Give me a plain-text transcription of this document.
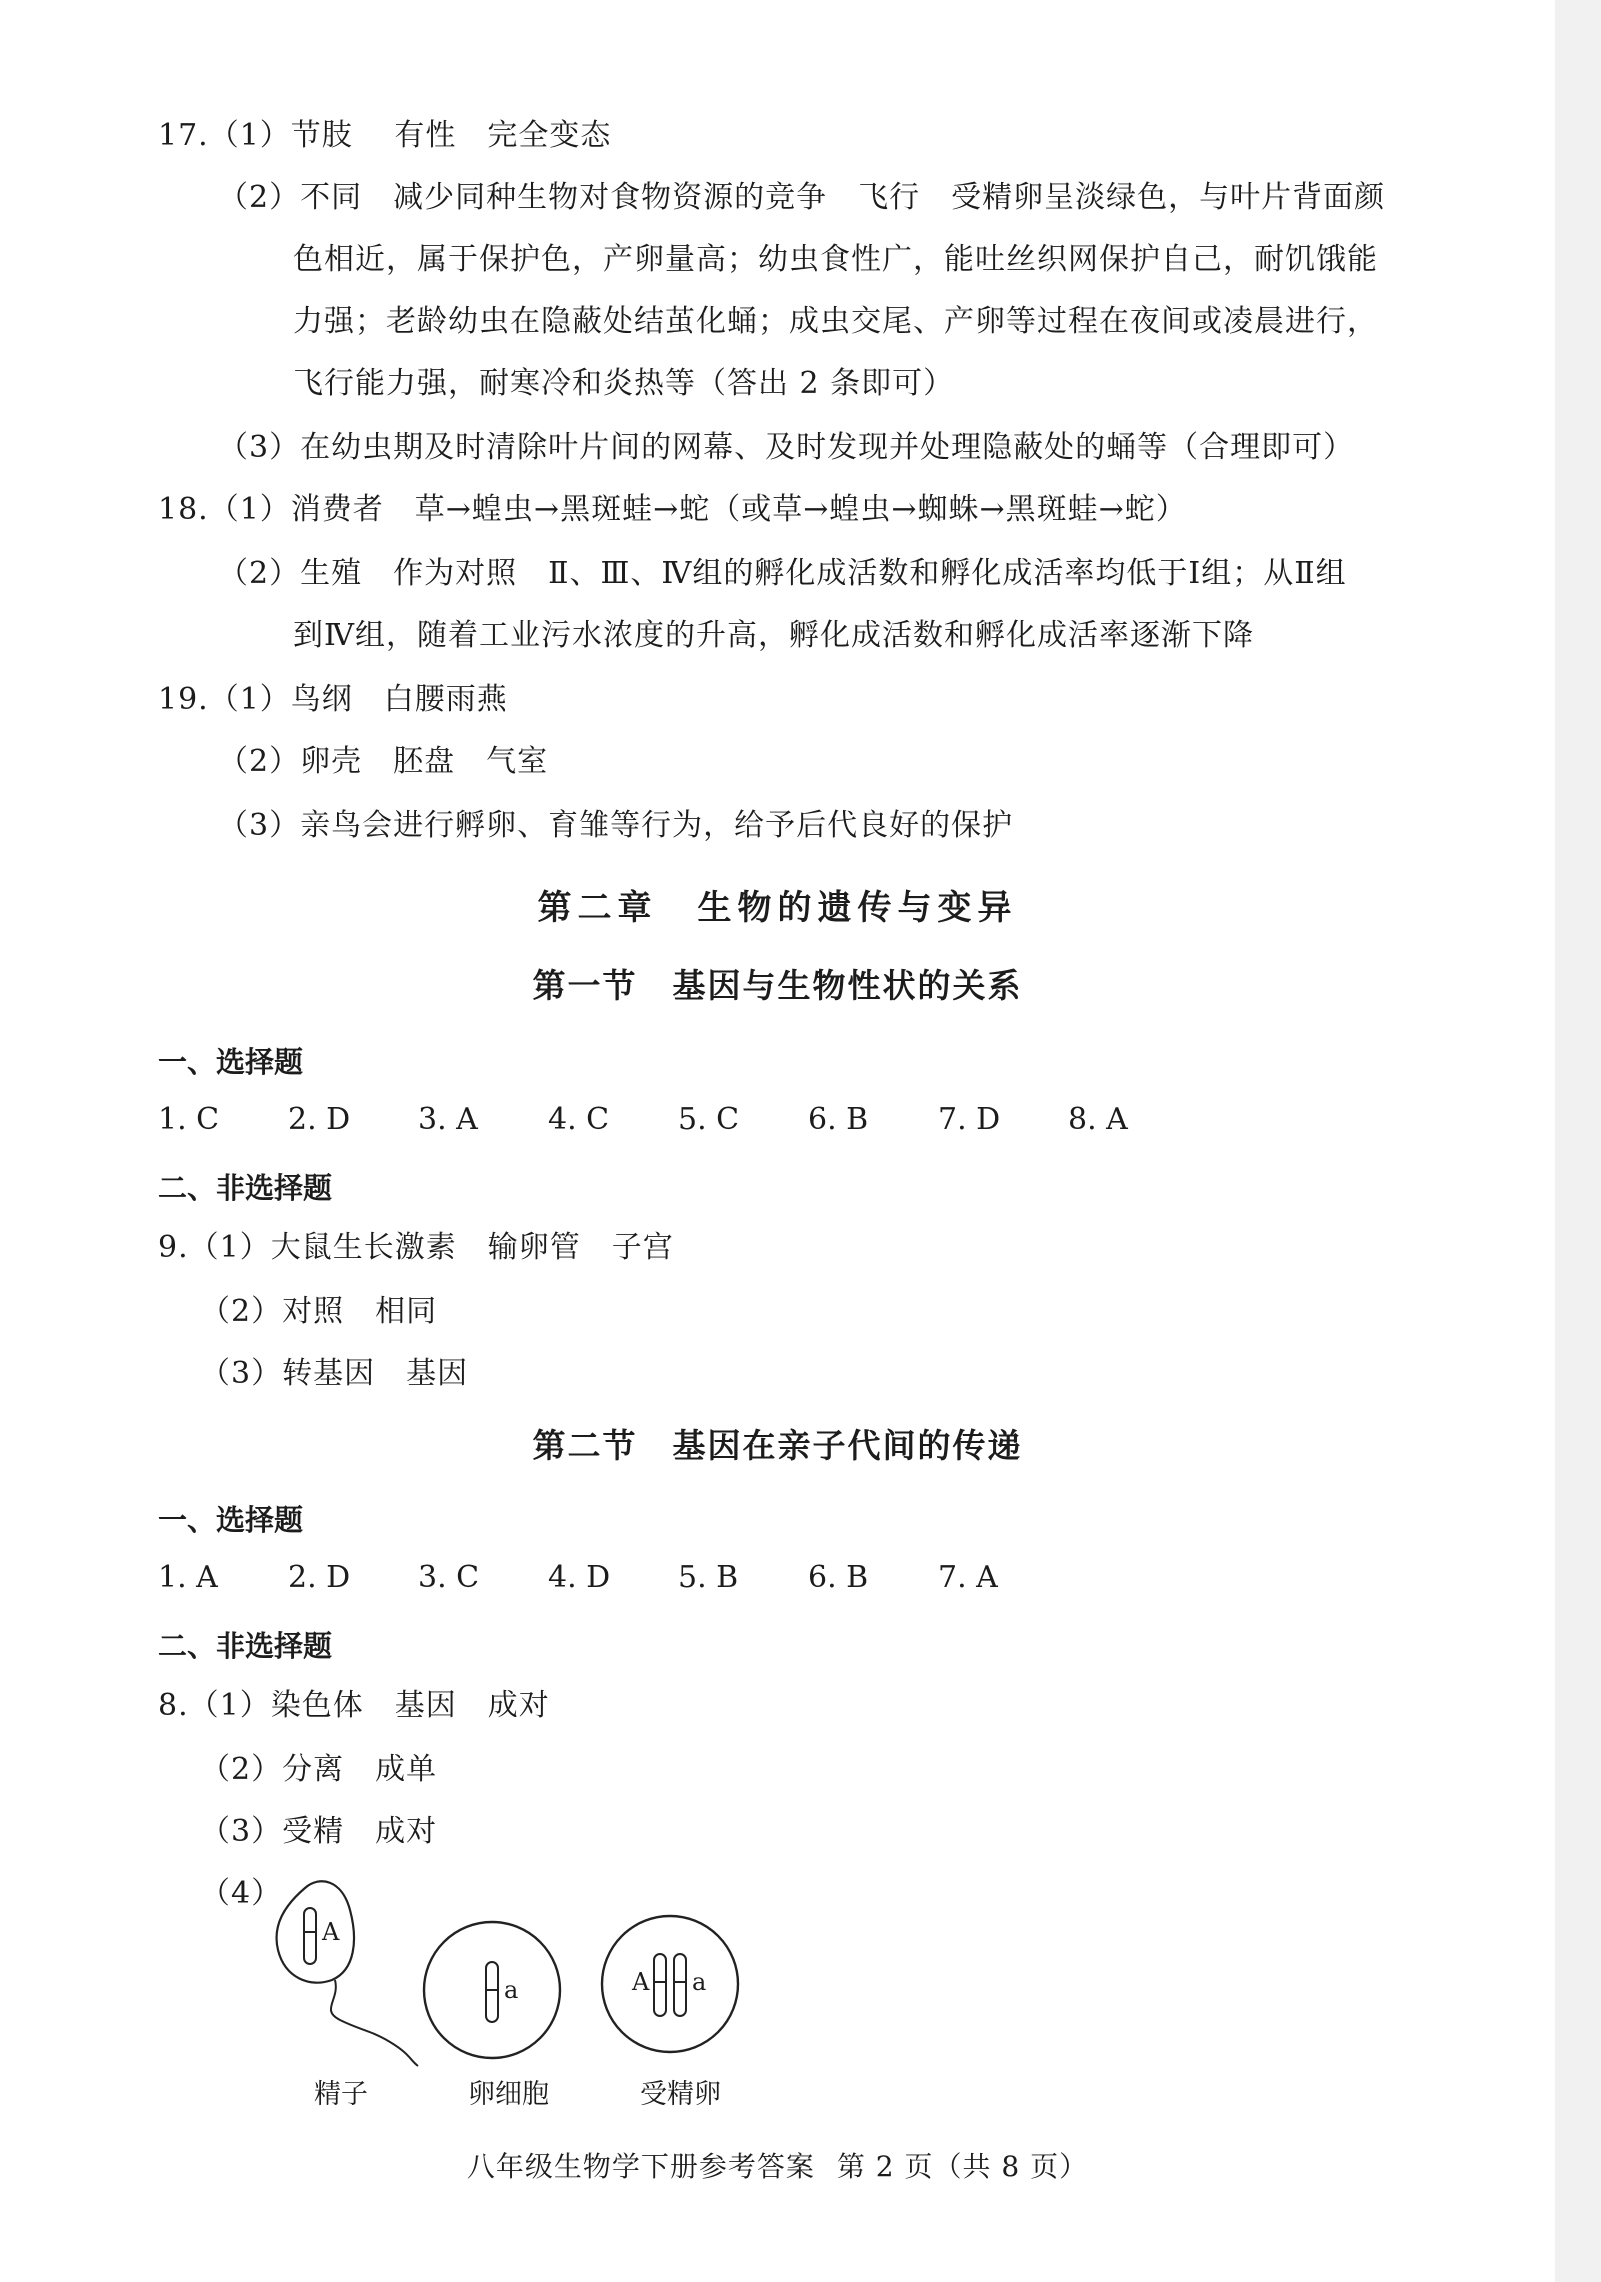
17.（1）节肢　 有性　完全变态
（2）不同　减少同种生物对食物资源的竞争　飞行　受精卵呈淡绿色，与叶片背面颜
色相近，属于保护色，产卵量高；幼虫食性广，能吐丝织网保护自己，耐饥饿能
力强；老龄幼虫在隐蔽处结茧化蛹；成虫交尾、产卵等过程在夜间或凌晨进行，
飞行能力强，耐寒冷和炎热等（答出 2 条即可）
（3）在幼虫期及时清除叶片间的网幕、及时发现并处理隐蔽处的蛹等（合理即可）
18.（1）消费者　草→蝗虫→黑斑蛙→蛇（或草→蝗虫→蜘蛛→黑斑蛙→蛇）
（2）生殖　作为对照　Ⅱ、Ⅲ、Ⅳ组的孵化成活数和孵化成活率均低于Ⅰ组；从Ⅱ组
到Ⅳ组，随着工业污水浓度的升高，孵化成活数和孵化成活率逐渐下降
19.（1）鸟纲　白腰雨燕
（2）卵壳　胚盘　气室
（3）亲鸟会进行孵卵、育雏等行为，给予后代良好的保护
第二章　生物的遗传与变异
第一节　基因与生物性状的关系
一、选择题
1. C 2. D 3. A 4. C 5. C 6. B 7. D 8. A
二、非选择题
9.（1）大鼠生长激素　输卵管　子宫
（2）对照　相同
（3）转基因　基因
第二节　基因在亲子代间的传递
一、选择题
1. A 2. D 3. C 4. D 5. B 6. B 7. A
二、非选择题
8.（1）染色体　基因　成对
（2）分离　成单
（3）受精　成对
（4）
A
a	A a
精子	卵细胞	受精卵
八年级生物学下册参考答案 第 2 页（共 8 页）
